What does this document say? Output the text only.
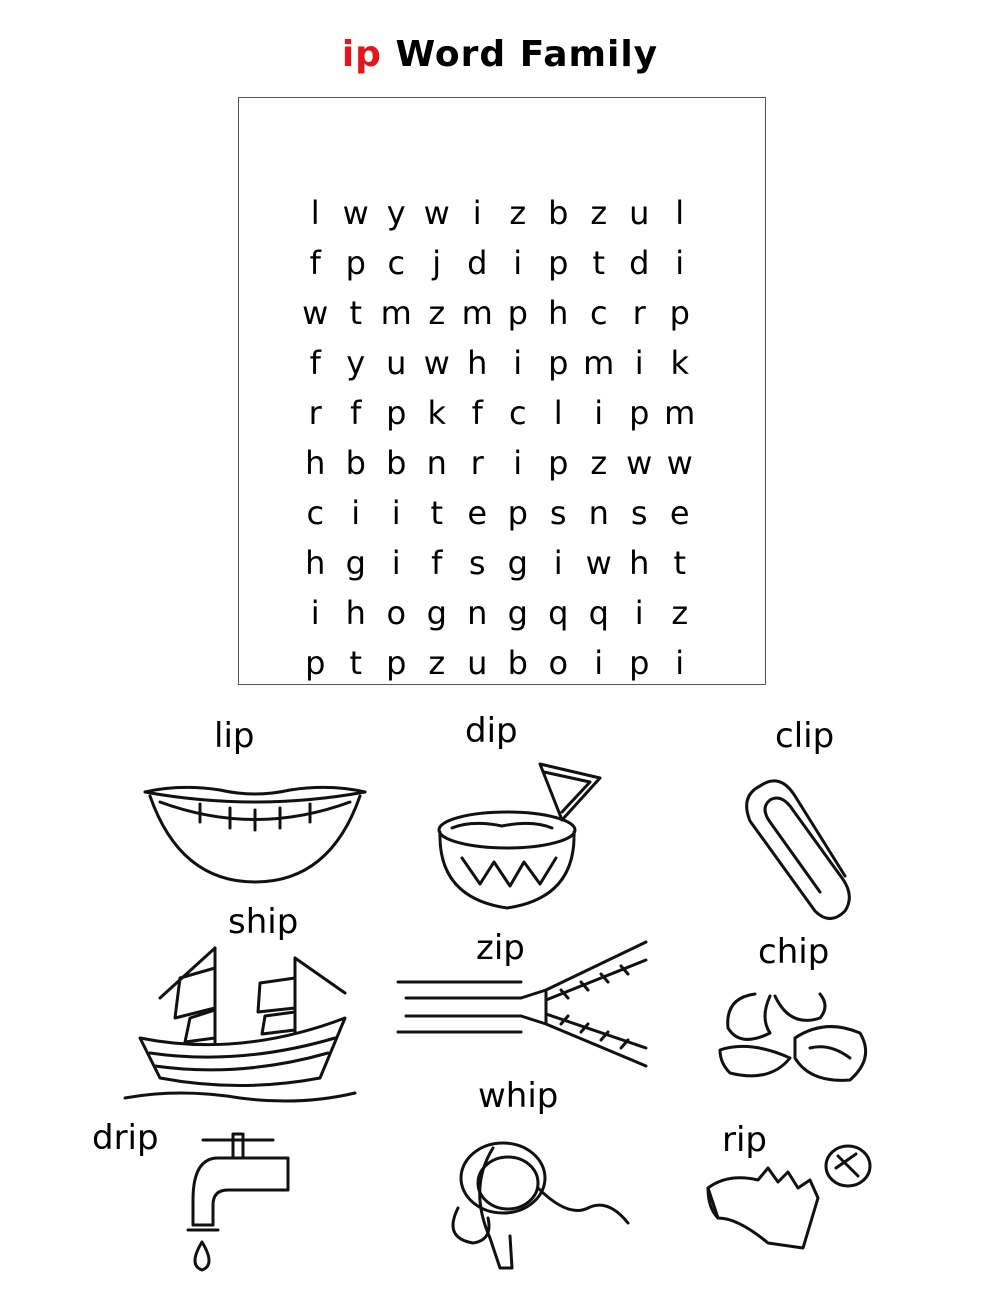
ip Word Family
l w y w i z b z u l
f p c j d i p t d i
w t m z m p h c r p
f y u w h i p m i k
r f p k f c l i p m
h b b n r i p z w w
c i i t e p s n s e
h g i f s g i w h t
i h o g n g q q i z
p t p z u b o i p i
lip	dip	clip
ship
zip	chip
drip
whip
rip
